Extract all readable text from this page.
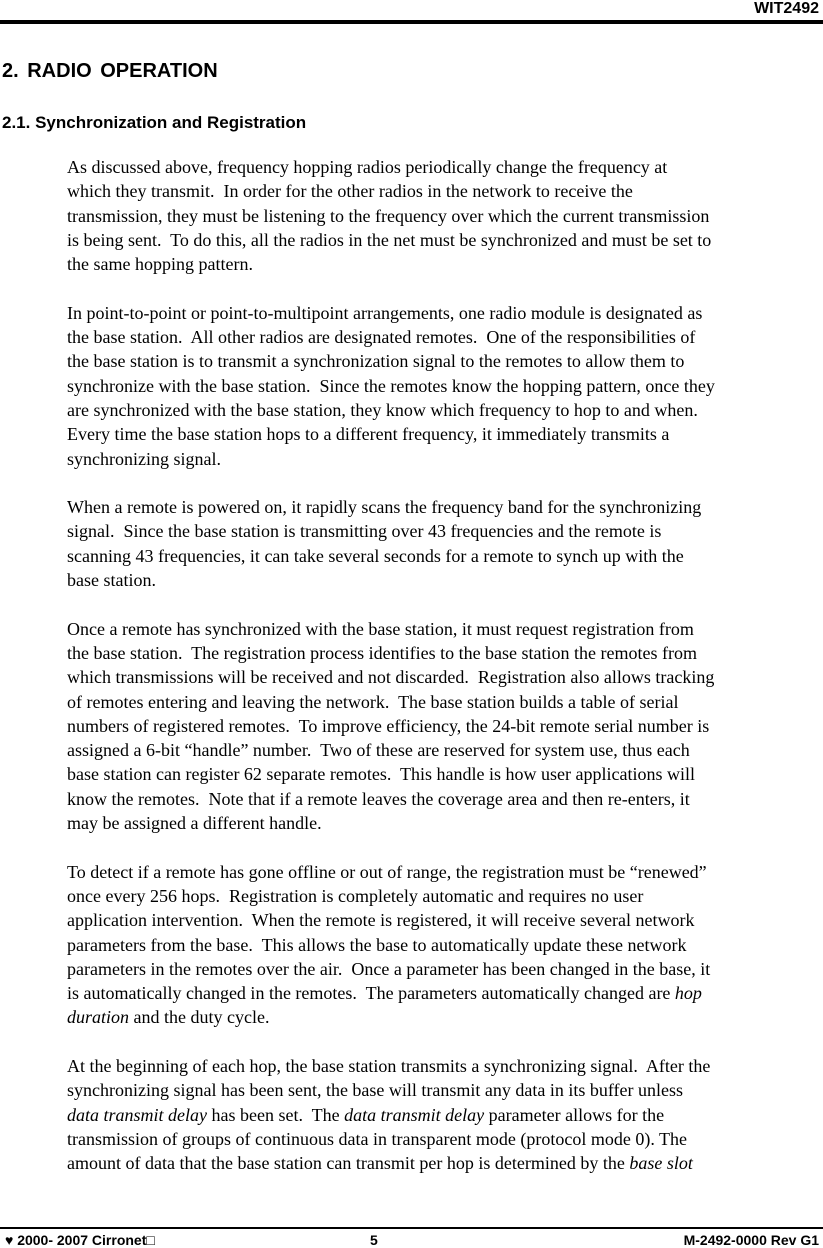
WIT2492
2. RADIO OPERATION
2.1. Synchronization and Registration
As discussed above, frequency hopping radios periodically change the frequency at
which they transmit.  In order for the other radios in the network to receive the
transmission, they must be listening to the frequency over which the current transmission
is being sent.  To do this, all the radios in the net must be synchronized and must be set to
the same hopping pattern.
In point-to-point or point-to-multipoint arrangements, one radio module is designated as
the base station.  All other radios are designated remotes.  One of the responsibilities of
the base station is to transmit a synchronization signal to the remotes to allow them to
synchronize with the base station.  Since the remotes know the hopping pattern, once they
are synchronized with the base station, they know which frequency to hop to and when.
Every time the base station hops to a different frequency, it immediately transmits a
synchronizing signal.
When a remote is powered on, it rapidly scans the frequency band for the synchronizing
signal.  Since the base station is transmitting over 43 frequencies and the remote is
scanning 43 frequencies, it can take several seconds for a remote to synch up with the
base station.
Once a remote has synchronized with the base station, it must request registration from
the base station.  The registration process identifies to the base station the remotes from
which transmissions will be received and not discarded.  Registration also allows tracking
of remotes entering and leaving the network.  The base station builds a table of serial
numbers of registered remotes.  To improve efficiency, the 24-bit remote serial number is
assigned a 6-bit “handle” number.  Two of these are reserved for system use, thus each
base station can register 62 separate remotes.  This handle is how user applications will
know the remotes.  Note that if a remote leaves the coverage area and then re-enters, it
may be assigned a different handle.
To detect if a remote has gone offline or out of range, the registration must be “renewed”
once every 256 hops.  Registration is completely automatic and requires no user
application intervention.  When the remote is registered, it will receive several network
parameters from the base.  This allows the base to automatically update these network
parameters in the remotes over the air.  Once a parameter has been changed in the base, it
is automatically changed in the remotes.  The parameters automatically changed are hop
duration and the duty cycle.
At the beginning of each hop, the base station transmits a synchronizing signal.  After the
synchronizing signal has been sent, the base will transmit any data in its buffer unless
data transmit delay has been set.  The data transmit delay parameter allows for the
transmission of groups of continuous data in transparent mode (protocol mode 0). The
amount of data that the base station can transmit per hop is determined by the base slot
♥ 2000- 2007 Cirronet□	5	M-2492-0000 Rev G1
